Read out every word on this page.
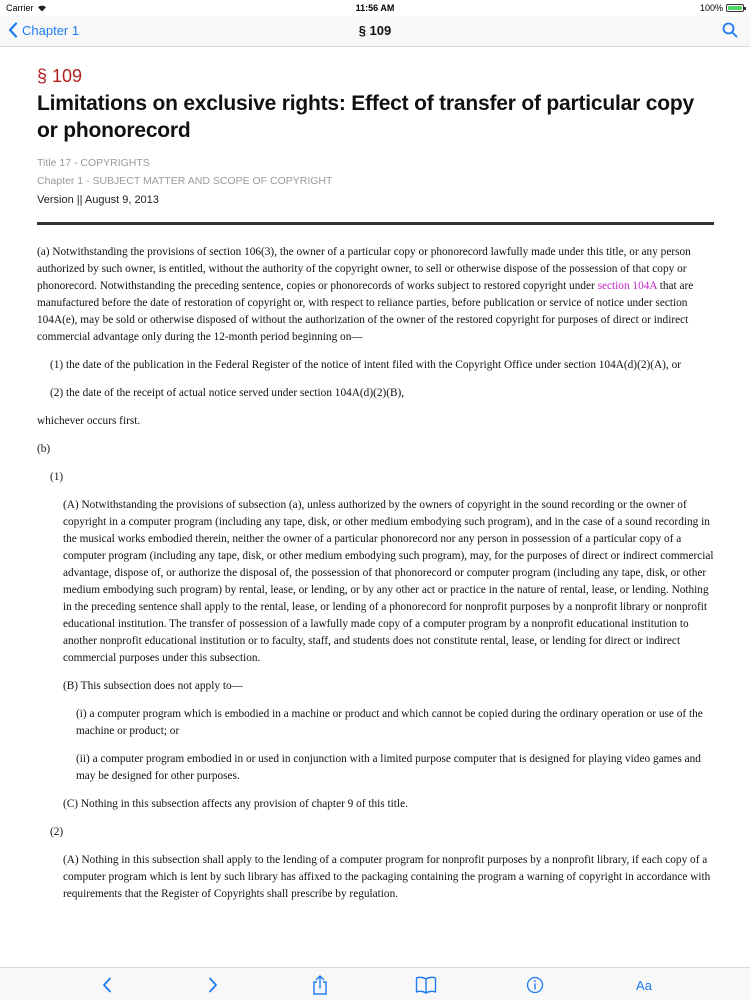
Carrier	11:56 AM	100%
Chapter 1	§ 109
§ 109
Limitations on exclusive rights: Effect of transfer of particular copy or phonorecord
Title 17 - COPYRIGHTS
Chapter 1 - SUBJECT MATTER AND SCOPE OF COPYRIGHT
Version || August 9, 2013

(a) Notwithstanding the provisions of section 106(3), the owner of a particular copy or phonorecord lawfully made under this title, or any person authorized by such owner, is entitled, without the authority of the copyright owner, to sell or otherwise dispose of the possession of that copy or phonorecord. Notwithstanding the preceding sentence, copies or phonorecords of works subject to restored copyright under section 104A that are manufactured before the date of restoration of copyright or, with respect to reliance parties, before publication or service of notice under section 104A(e), may be sold or otherwise disposed of without the authorization of the owner of the restored copyright for purposes of direct or indirect commercial advantage only during the 12-month period beginning on—

(1) the date of the publication in the Federal Register of the notice of intent filed with the Copyright Office under section 104A(d)(2)(A), or

(2) the date of the receipt of actual notice served under section 104A(d)(2)(B),

whichever occurs first.

(b)

(1)

(A) Notwithstanding the provisions of subsection (a), unless authorized by the owners of copyright in the sound recording or the owner of copyright in a computer program (including any tape, disk, or other medium embodying such program), and in the case of a sound recording in the musical works embodied therein, neither the owner of a particular phonorecord nor any person in possession of a particular copy of a computer program (including any tape, disk, or other medium embodying such program), may, for the purposes of direct or indirect commercial advantage, dispose of, or authorize the disposal of, the possession of that phonorecord or computer program (including any tape, disk, or other medium embodying such program) by rental, lease, or lending, or by any other act or practice in the nature of rental, lease, or lending. Nothing in the preceding sentence shall apply to the rental, lease, or lending of a phonorecord for nonprofit purposes by a nonprofit library or nonprofit educational institution. The transfer of possession of a lawfully made copy of a computer program by a nonprofit educational institution to another nonprofit educational institution or to faculty, staff, and students does not constitute rental, lease, or lending for direct or indirect commercial purposes under this subsection.

(B) This subsection does not apply to—

(i) a computer program which is embodied in a machine or product and which cannot be copied during the ordinary operation or use of the machine or product; or

(ii) a computer program embodied in or used in conjunction with a limited purpose computer that is designed for playing video games and may be designed for other purposes.

(C) Nothing in this subsection affects any provision of chapter 9 of this title.

(2)

(A) Nothing in this subsection shall apply to the lending of a computer program for nonprofit purposes by a nonprofit library, if each copy of a computer program which is lent by such library has affixed to the packaging containing the program a warning of copyright in accordance with requirements that the Register of Copyrights shall prescribe by regulation.

Aa
